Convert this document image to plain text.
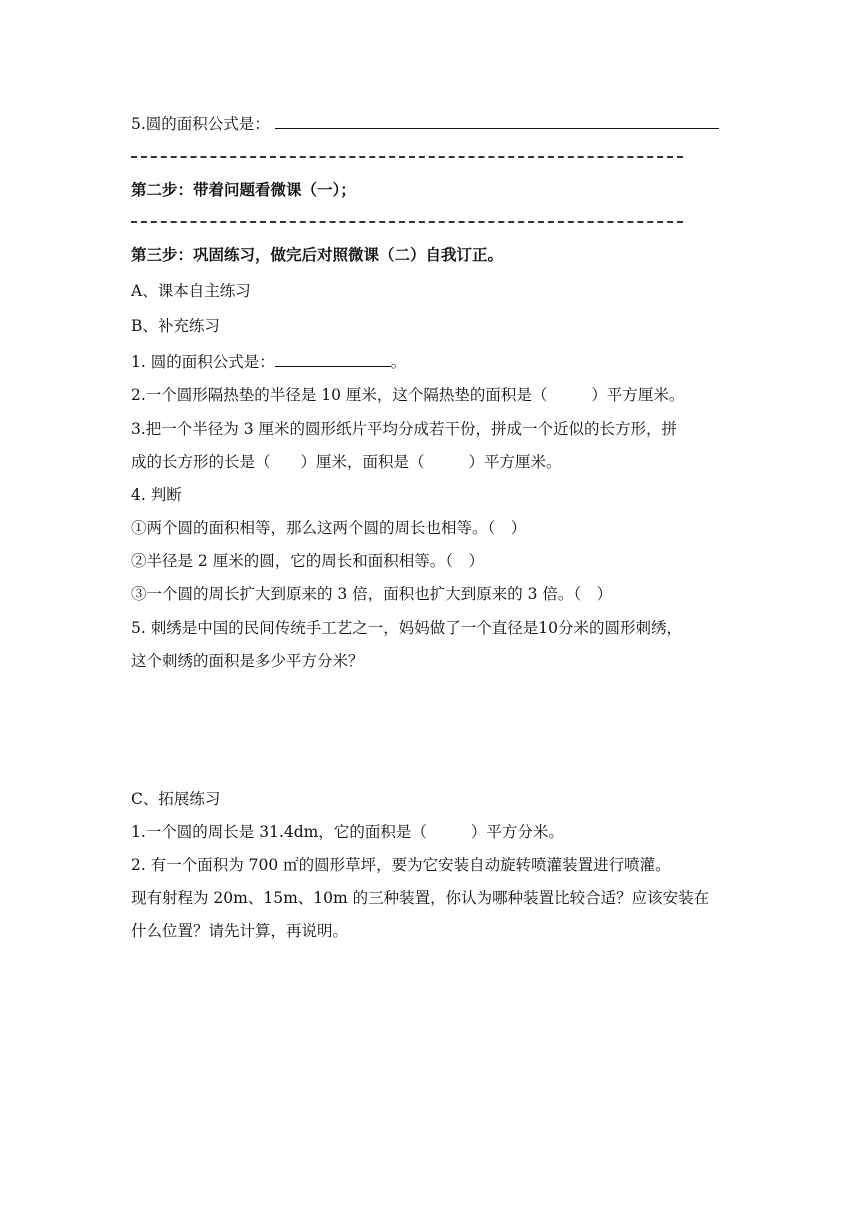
5.圆的面积公式是：
第二步：带着问题看微课（一）；
第三步：巩固练习，做完后对照微课（二）自我订正。
A、课本自主练习
B、补充练习
1. 圆的面积公式是：	。
2.一个圆形隔热垫的半径是 10 厘米，这个隔热垫的面积是（	）平方厘米。
3.把一个半径为 3 厘米的圆形纸片平均分成若干份，拼成一个近似的长方形，拼
成的长方形的长是（ ）厘米，面积是（	）平方厘米。
4. 判断
①两个圆的面积相等，那么这两个圆的周长也相等。（　）
②半径是 2 厘米的圆，它的周长和面积相等。（　）
③一个圆的周长扩大到原来的 3 倍，面积也扩大到原来的 3 倍。（　）
5. 刺绣是中国的民间传统手工艺之一，妈妈做了一个直径是10分米的圆形刺绣，
这个刺绣的面积是多少平方分米？
C、拓展练习
1.一个圆的周长是 31.4dm，它的面积是（	）平方分米。
2. 有一个面积为 700 ㎡的圆形草坪，要为它安装自动旋转喷灌装置进行喷灌。
现有射程为 20m、15m、10m 的三种装置，你认为哪种装置比较合适？应该安装在
什么位置？请先计算，再说明。
